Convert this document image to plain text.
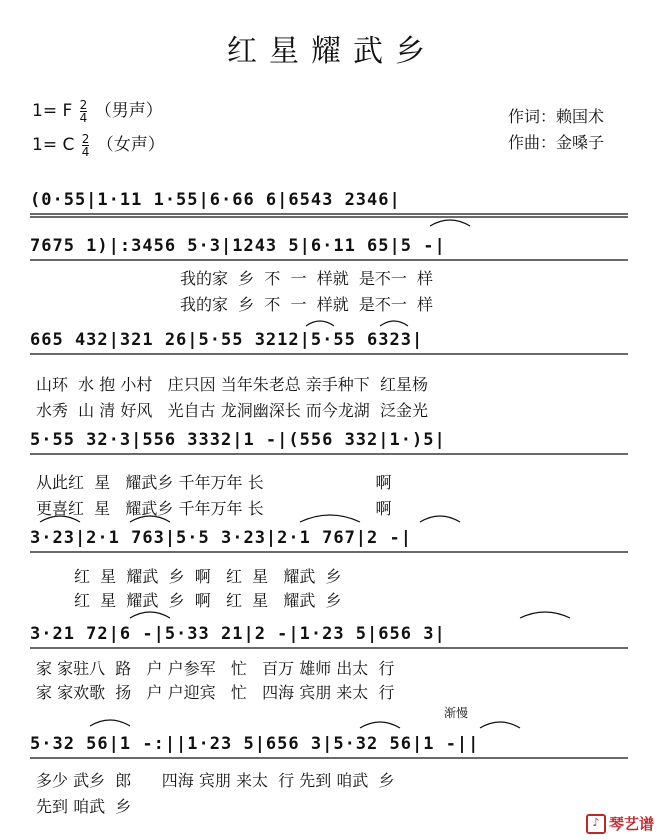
红星耀武乡
1= F $\frac{2}{4}$ （男声）
1= C $\frac{2}{4}$ （女声）
作词：赖国术
作曲：金嗓子
(0·55|1·11 1·55|6·66 6|6543 2346|
7675 1)|:3456 5·3|1243 5|6·11 65|5 -|
我的家  乡  不  一  样就  是不一  样
我的家  乡  不  一  样就  是不一  样
665 432|321 26|5·55 3212|5·55 6323|
山环  水 抱 小村   庄只因 当年朱老总 亲手种下  红星杨
水秀  山 清 好风   光自古 龙洞幽深长 而今龙湖  泛金光
5·55 32·3|556 3332|1 -|(556 332|1·)5|
从此红  星   耀武乡 千年万年 长                      啊
更喜红  星   耀武乡 千年万年 长                      啊
3·23|2·1 763|5·5 3·23|2·1 767|2 -|
红  星  耀武  乡  啊   红  星   耀武  乡
红  星  耀武  乡  啊   红  星   耀武  乡
3·21 72|6 -|5·33 21|2 -|1·23 5|656 3|
家 家驻八  路   户 户参军   忙   百万 雄师 出太  行
家 家欢歌  扬   户 户迎宾   忙   四海 宾朋 来太  行
渐慢
5·32 56|1 -:||1·23 5|656 3|5·32 56|1 -||
多少 武乡  郎      四海 宾朋 来太  行 先到 咱武  乡
先到 咱武  乡
♪ 琴艺谱
